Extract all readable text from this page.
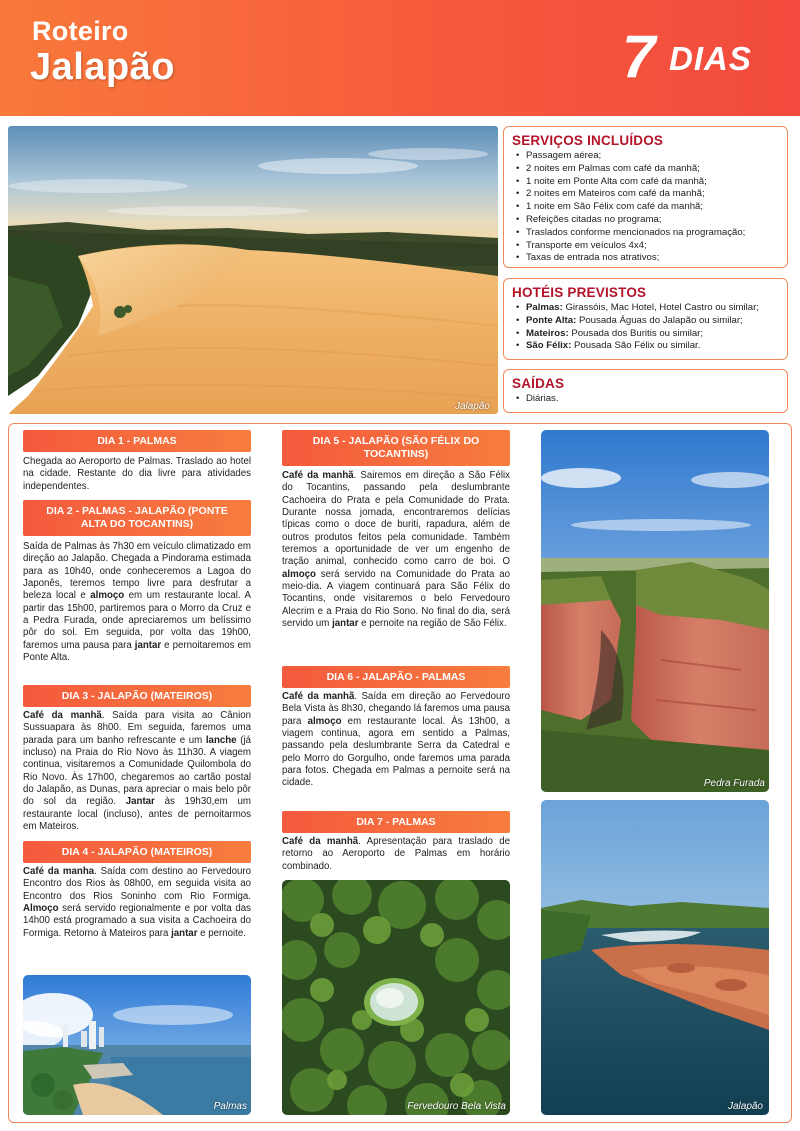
Roteiro
Jalapão	7 DIAS
Jalapão
SERVIÇOS INCLUÍDOS
• Passagem aérea;
• 2 noites em Palmas com café da manhã;
• 1 noite em Ponte Alta com café da manhã;
• 2 noites em Mateiros com café da manhã;
• 1 noite em São Félix com café da manhã;
• Refeições citadas no programa;
• Traslados conforme mencionados na programação;
• Transporte em veículos 4x4;
• Taxas de entrada nos atrativos;
HOTÉIS PREVISTOS
• Palmas: Girassóis, Mac Hotel, Hotel Castro ou similar;
• Ponte Alta: Pousada Águas do Jalapão ou similar;
• Mateiros: Pousada dos Buritis ou similar;
• São Félix: Pousada São Félix ou similar.
SAÍDAS
• Diárias.
DIA 1 - PALMAS
Chegada ao Aeroporto de Palmas. Traslado ao hotel na cidade. Restante do dia livre para atividades independentes.
DIA 2 - PALMAS - JALAPÃO (PONTE ALTA DO TOCANTINS)
Saída de Palmas às 7h30 em veículo climatizado em direção ao Jalapão. Chegada a Pindorama estimada para as 10h40, onde conheceremos a Lagoa do Japonês, teremos tempo livre para desfrutar a beleza local e almoço em um restaurante local. A partir das 15h00, partiremos para o Morro da Cruz e a Pedra Furada, onde apreciaremos um belíssimo pôr do sol. Em seguida, por volta das 19h00, faremos uma pausa para jantar e pernoitaremos em Ponte Alta.
DIA 3 - JALAPÃO (MATEIROS)
Café da manhã. Saída para visita ao Cânion Sussuapara às 8h00. Em seguida, faremos uma parada para um banho refrescante e um lanche (já incluso) na Praia do Rio Novo às 11h30. A viagem continua, visitaremos a Comunidade Quilombola do Rio Novo. Às 17h00, chegaremos ao cartão postal do Jalapão, as Dunas, para apreciar o mais belo pôr do sol da região. Jantar às 19h30,em um restaurante local (incluso), antes de pernoitarmos em Mateiros.
DIA 4 - JALAPÃO (MATEIROS)
Café da manha. Saída com destino ao Fervedouro Encontro dos Rios às 08h00, em seguida visita ao Encontro dos Rios Soninho com Rio Formiga. Almoço será servido regionalmente e por volta das 14h00 está programado a sua visita a Cachoeira do Formiga. Retorno à Mateiros para jantar e pernoite.
Palmas
DIA 5 - JALAPÃO (SÃO FÉLIX DO TOCANTINS)
Café da manhã. Sairemos em direção a São Félix do Tocantins, passando pela deslumbrante Cachoeira do Prata e pela Comunidade do Prata. Durante nossa jornada, encontraremos delícias típicas como o doce de buriti, rapadura, além de outros produtos feitos pela comunidade. Também teremos a oportunidade de ver um engenho de tração animal, conhecido como carro de boi. O almoço será servido na Comunidade do Prata ao meio-dia. A viagem continuará para São Félix do Tocantins, onde visitaremos o belo Fervedouro Alecrim e a Praia do Rio Sono. No final do dia, será servido um jantar e pernoite na região de São Félix.
DIA 6 - JALAPÃO - PALMAS
Café da manhã. Saída em direção ao Fervedouro Bela Vista às 8h30, chegando lá faremos uma pausa para almoço em restaurante local. Às 13h00, a viagem continua, agora em sentido a Palmas, passando pela deslumbrante Serra da Catedral e pelo Morro do Gorgulho, onde faremos uma parada para fotos. Chegada em Palmas a pernoite será na cidade.
DIA 7 - PALMAS
Café da manhã. Apresentação para traslado de retorno ao Aeroporto de Palmas em horário combinado.
Fervedouro Bela Vista
Pedra Furada
Jalapão
